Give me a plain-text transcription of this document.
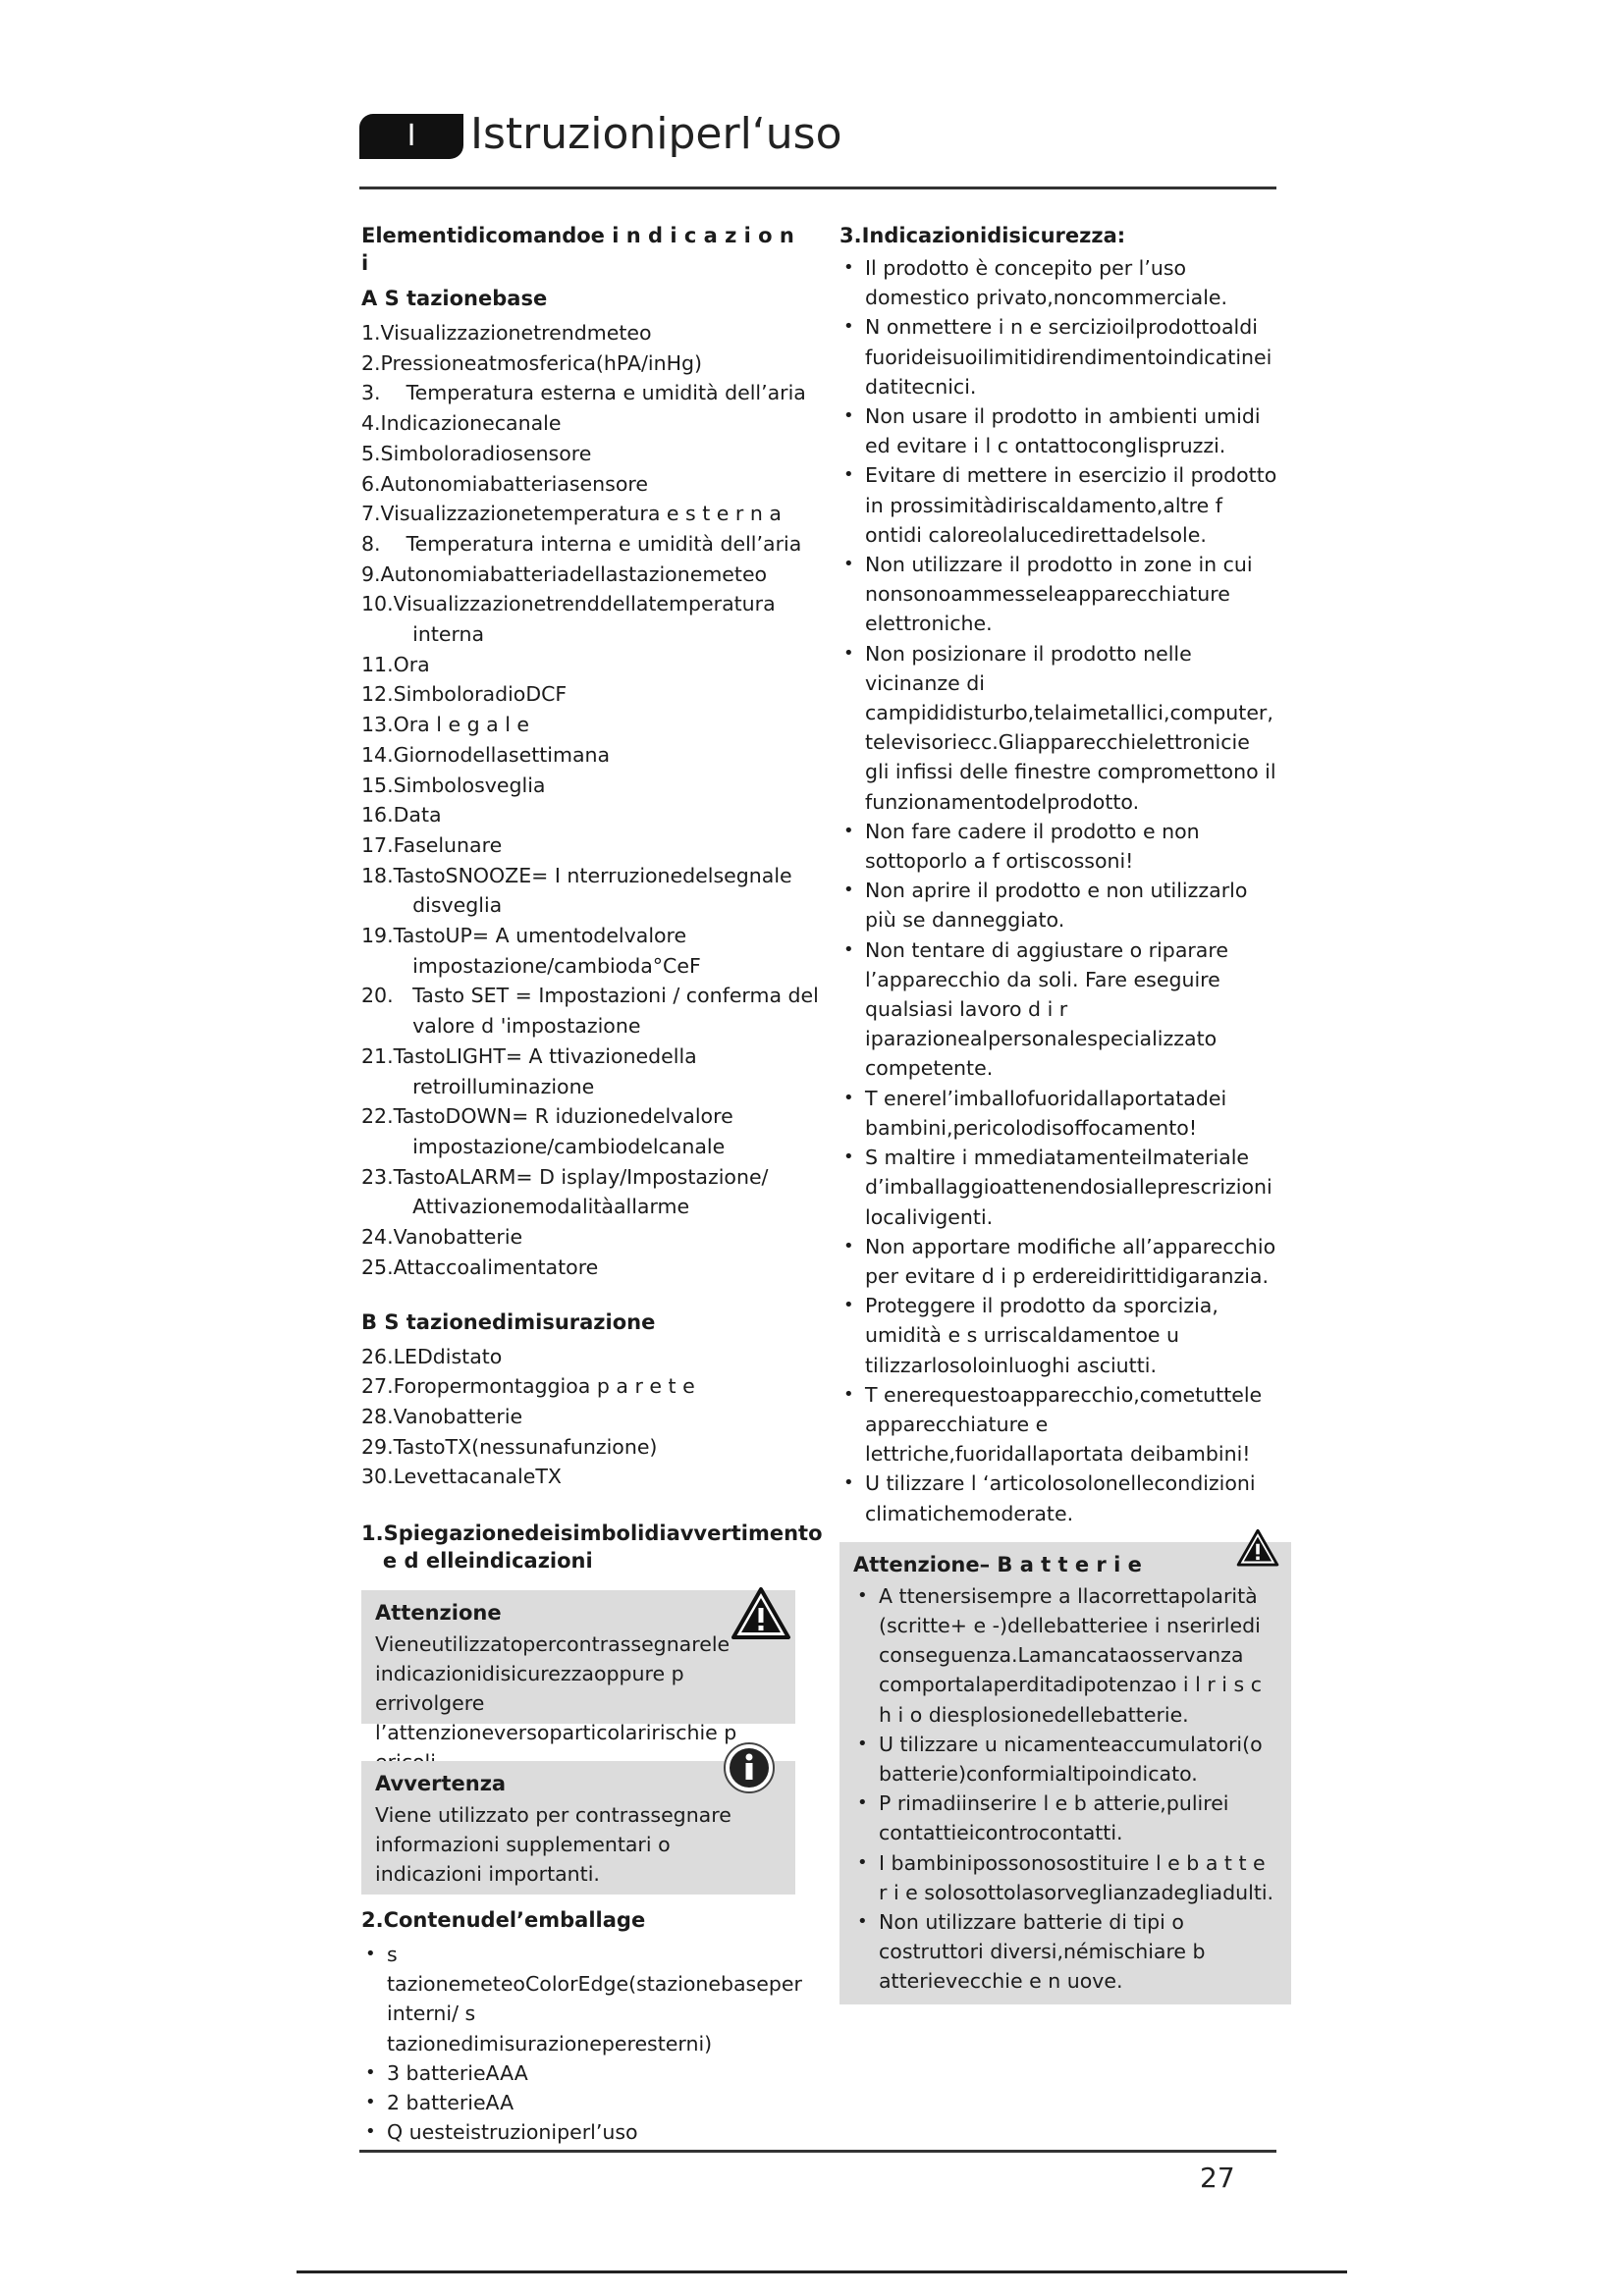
I	Istruzioniperl‘uso
Elementidicomandoe i n d i c a z i o n i
A S tazionebase
1.Visualizzazionetrendmeteo
2.Pressioneatmosferica(hPA/inHg)
3.    Temperatura esterna e umidità dell’aria
4.Indicazionecanale
5.Simboloradiosensore
6.Autonomiabatteriasensore
7.Visualizzazionetemperatura e s t e r n a
8.    Temperatura interna e umidità dell’aria
9.Autonomiabatteriadellastazionemeteo
10.Visualizzazionetrenddellatemperatura
interna
11.Ora
12.SimboloradioDCF
13.Ora l e g a l e
14.Giornodellasettimana
15.Simbolosveglia
16.Data
17.Faselunare
18.TastoSNOOZE= I nterruzionedelsegnale
disveglia
19.TastoUP= A umentodelvalore
impostazione/cambioda°CeF
20.   Tasto SET = Impostazioni / conferma del
valore d 'impostazione
21.TastoLIGHT= A ttivazionedella
retroilluminazione
22.TastoDOWN= R iduzionedelvalore
impostazione/cambiodelcanale
23.TastoALARM= D isplay/Impostazione/
Attivazionemodalitàallarme
24.Vanobatterie
25.Attaccoalimentatore
B S tazionedimisurazione
26.LEDdistato
27.Foropermontaggioa p a r e t e
28.Vanobatterie
29.TastoTX(nessunafunzione)
30.LevettacanaleTX
1.Spiegazionedeisimbolidiavvertimento
e d elleindicazioni
Attenzione
Vieneutilizzatopercontrassegnarele indicazionidisicurezzaoppure p errivolgere l’attenzioneversoparticolaririschie p
Avvertenza
Viene utilizzato per contrassegnare informazioni supplementari o indicazioni importanti.
2.Contenudel’emballage
• s tazionemeteoColorEdge(stazionebaseper interni/ s tazionedimisurazioneperesterni)
• 3 batterieAAA
• 2 batterieAA
• Q uesteistruzioniperl’uso
3.Indicazionidisicurezza:
• Il prodotto è concepito per l’uso domestico privato,noncommerciale.
• N onmettere i n e sercizioilprodottoaldi fuorideisuoilimitidirendimentoindicatinei datitecnici.
• Non usare il prodotto in ambienti umidi ed evitare i l c ontattoconglispruzzi.
• Evitare di mettere in esercizio il prodotto in prossimitàdiriscaldamento,altre f ontidi caloreolalucedirettadelsole.
• Non utilizzare il prodotto in zone in cui nonsonoammesseleapparecchiature elettroniche.
• Non posizionare il prodotto nelle vicinanze di campididisturbo,telaimetallici,computer, televisoriecc.Gliapparecchielettronicie gli infissi delle finestre compromettono il funzionamentodelprodotto.
• Non fare cadere il prodotto e non sottoporlo a f ortiscossoni!
• Non aprire il prodotto e non utilizzarlo più se danneggiato.
• Non tentare di aggiustare o riparare l’apparecchio da soli. Fare eseguire qualsiasi lavoro d i r iparazionealpersonalespecializzato competente.
• T enerel’imballofuoridallaportatadei bambini,pericolodisoffocamento!
• S maltire i mmediatamenteilmateriale d’imballaggioattenendosialleprescrizioni localivigenti.
• Non apportare modifiche all’apparecchio per evitare d i p erdereidirittidigaranzia.
• Proteggere il prodotto da sporcizia, umidità e s urriscaldamentoe u tilizzarlosoloinluoghi asciutti.
• T enerequestoapparecchio,cometuttele apparecchiature e lettriche,fuoridallaportata deibambini!
• U tilizzare l ‘articolosolonellecondizioni climatichemoderate.
Attenzione– B a t t e r i e
• A ttenersisempre a llacorrettapolarità (scritte+ e -)dellebatterieе i nserirledi conseguenza.Lamancataosservanza comportalaperditadipotenzao i l r i s c h i o diesplosionedellebatterie.
• U tilizzare u nicamenteaccumulatori(o batterie)conformialtipoindicato.
• P rimadiinserire l e b atterie,pulirei contattieicontrocontatti.
• I bambinipossonosostituire l e b a t t e r i e solosottolasorveglianzadegliadulti.
• Non utilizzare batterie di tipi o costruttori diversi,némischiare b atterievecchie e n uove.
27
